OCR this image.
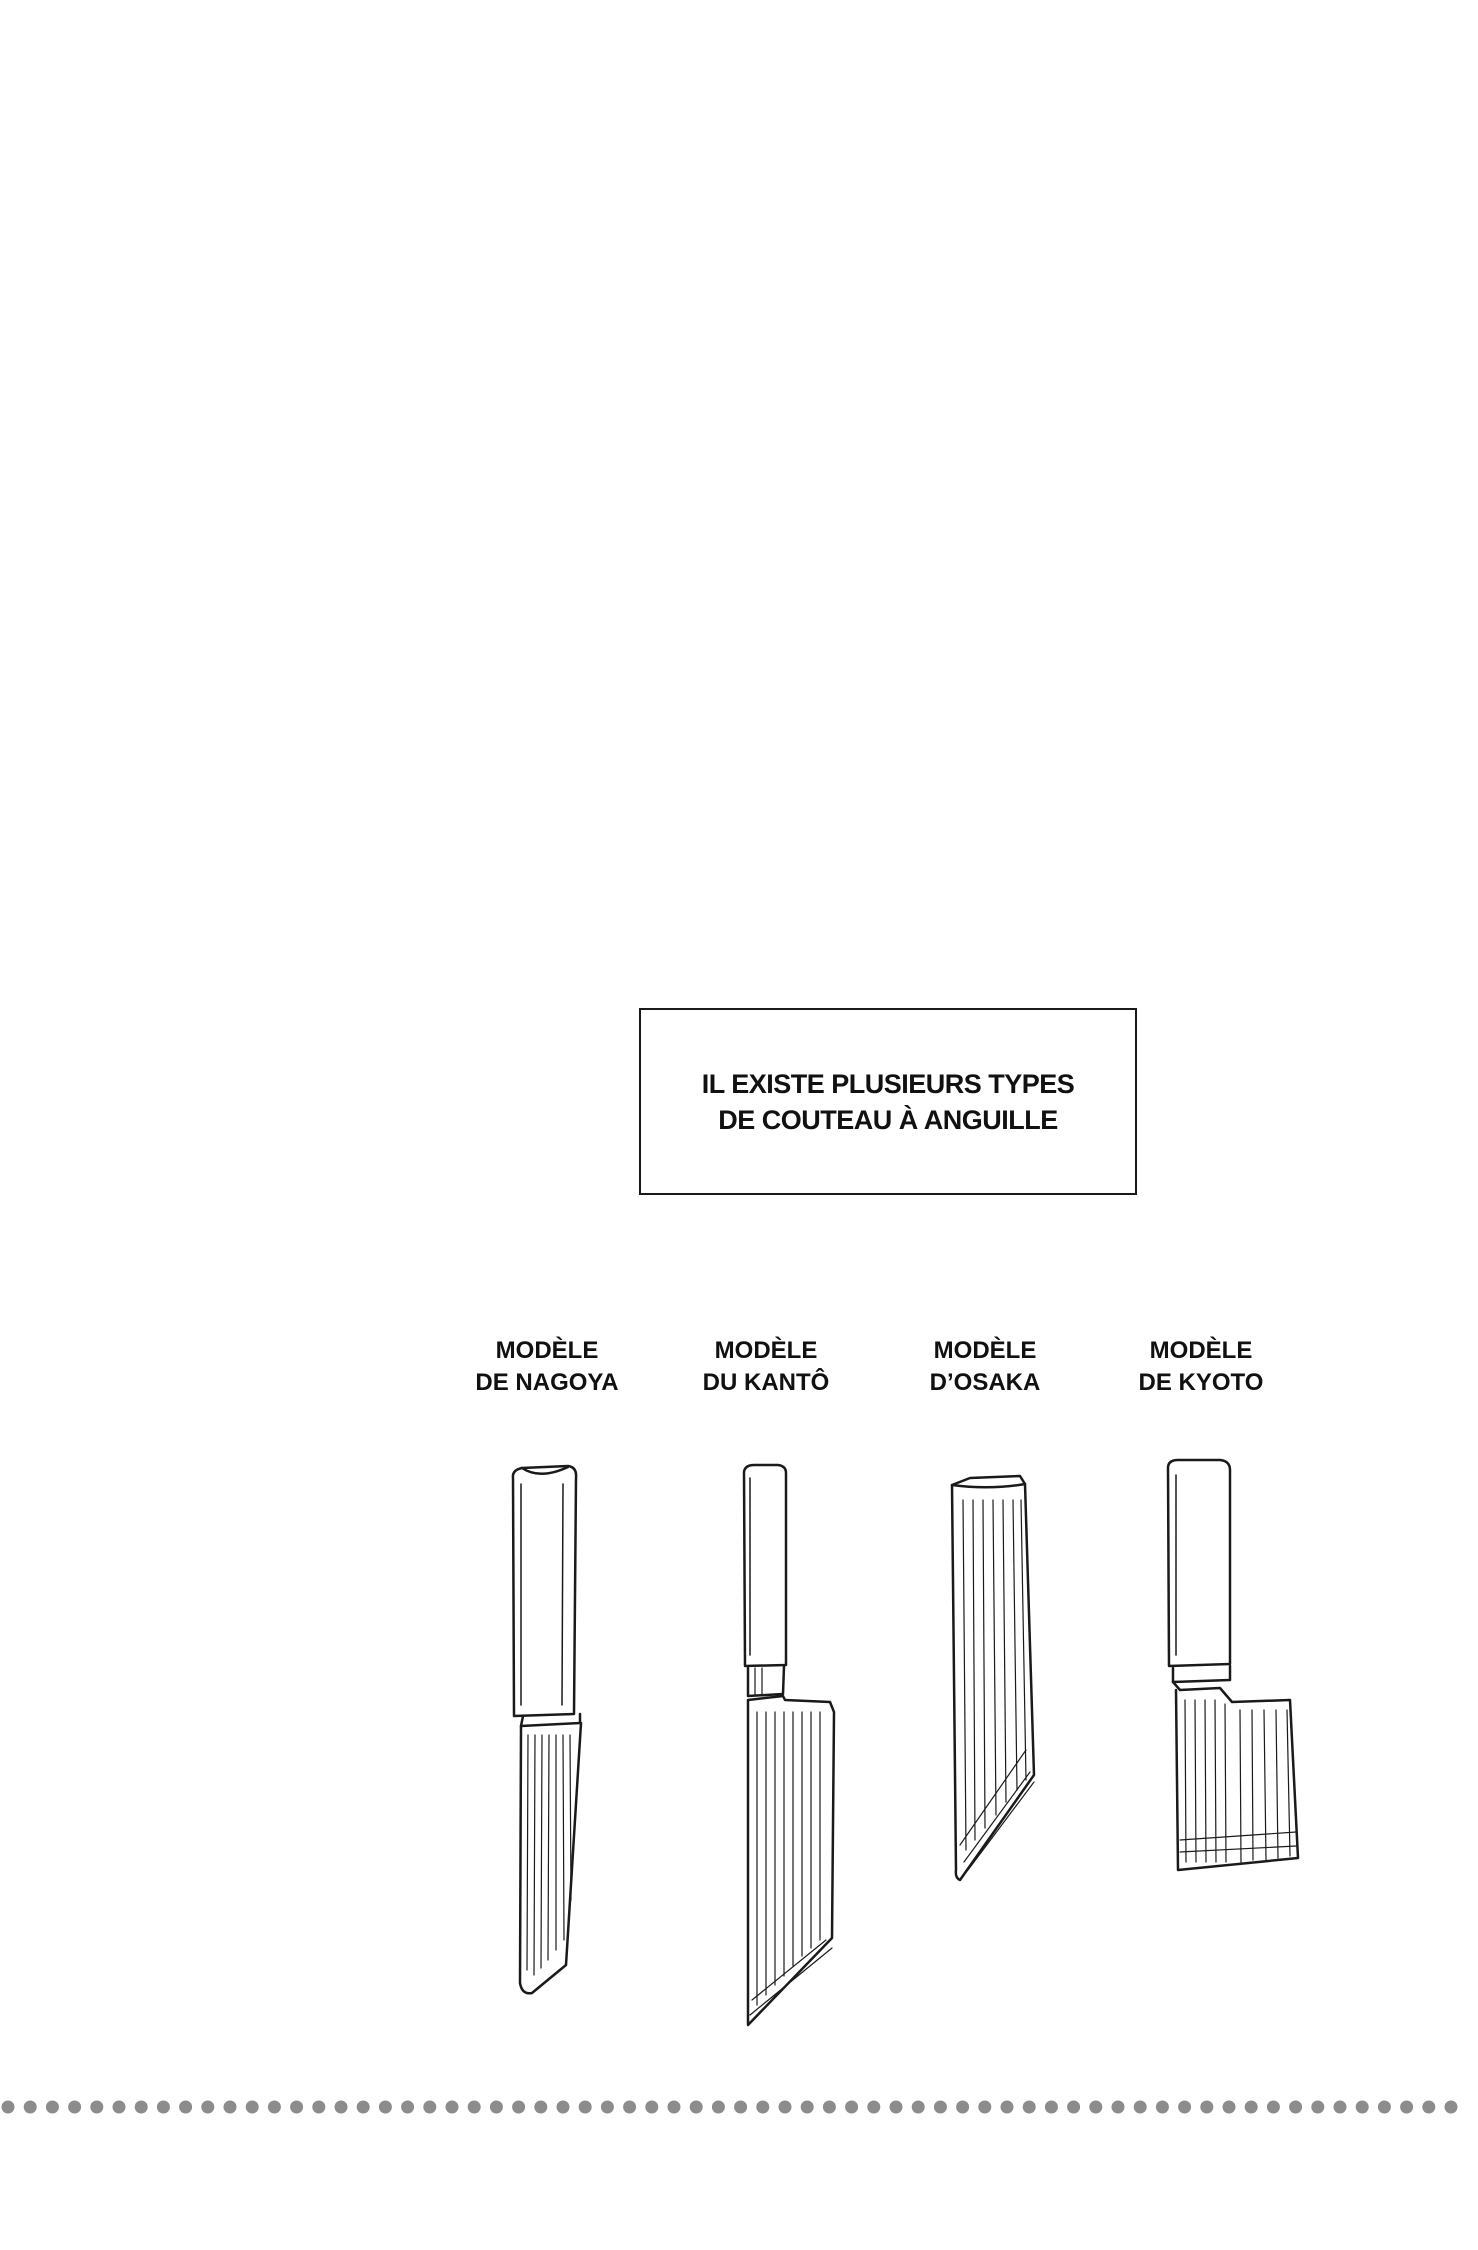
IL EXISTE PLUSIEURS TYPES
DE COUTEAU À ANGUILLE
MODÈLE
DE NAGOYA
MODÈLE
DU KANTÔ
MODÈLE
D’OSAKA
MODÈLE
DE KYOTO
